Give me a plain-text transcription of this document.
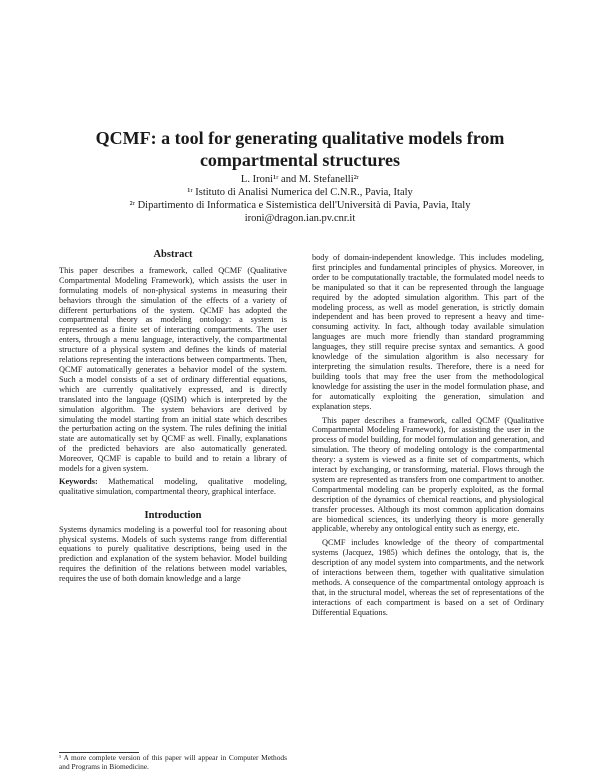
QCMF: a tool for generating qualitative models from
compartmental structures
L. Ironi¹ʳ and M. Stefanelli²ʳ
¹ʳ Istituto di Analisi Numerica del C.N.R., Pavia, Italy
²ʳ Dipartimento di Informatica e Sistemistica dell'Università di Pavia, Pavia, Italy
ironi@dragon.ian.pv.cnr.it
Abstract

This paper describes a framework, called QCMF (Qualitative Compartmental Modeling Framework), which assists the user in formulating models of non-physical systems in measuring their behaviors through the simulation of the effects of a variety of different perturbations of the system. QCMF has adopted the compartmental theory as modeling ontology: a system is represented as a finite set of interacting compartments. The user enters, through a menu language, interactively, the compartmental structure of a physical system and defines the kinds of material relations representing the interactions between compartments. Then, QCMF automatically generates a behavior model of the system. Such a model consists of a set of ordinary differential equations, which are currently qualitatively expressed, and is directly translated into the language (QSIM) which is interpreted by the simulation algorithm. The system behaviors are derived by simulating the model starting from an initial state which describes the perturbation acting on the system. The rules defining the initial state are automatically set by QCMF as well. Finally, explanations of the predicted behaviors are also automatically generated. Moreover, QCMF is capable to build and to retain a library of models for a given system.

Keywords: Mathematical modeling, qualitative modeling, qualitative simulation, compartmental theory, graphical interface.

Introduction

Systems dynamics modeling is a powerful tool for reasoning about physical systems. Models of such systems range from differential equations to purely qualitative descriptions, being used in the prediction and explanation of the system behavior. Model building requires the definition of the relations between model variables, requires the use of both domain knowledge and a large

body of domain-independent knowledge. This includes modeling, first principles and fundamental principles of physics. Moreover, in order to be computationally tractable, the formulated model needs to be manipulated so that it can be represented through the language required by the adopted simulation algorithm. This part of the modeling process, as well as model generation, is strictly domain independent and has been proved to represent a heavy and time-consuming activity. In fact, although today available simulation languages are much more friendly than standard programming languages, they still require precise syntax and semantics. A good knowledge of the simulation algorithm is also necessary for interpreting the simulation results. Therefore, there is a need for building tools that may free the user from the methodological knowledge for assisting the user in the model formulation phase, and for automatically exploiting the generation, simulation and explanation steps.

This paper describes a framework, called QCMF (Qualitative Compartmental Modeling Framework), for assisting the user in the process of model building, for model formulation and generation, and simulation. The theory of modeling ontology is the compartmental theory: a system is viewed as a finite set of compartments, which interact by exchanging, or transforming, material. Flows through the system are represented as transfers from one compartment to another. Compartmental modeling can be properly exploited, as the formal description of the dynamics of chemical reactions, and physiological transfer processes. Although its most common application domains are biomedical sciences, its underlying theory is more generally applicable, whereby any ontological entity such as energy, etc.

QCMF includes knowledge of the theory of compartmental systems (Jacquez, 1985) which defines the ontology, that is, the description of any model system into compartments, and the network of interactions between them, together with qualitative simulation methods. A consequence of the compartmental ontology approach is that, in the structural model, whereas the set of representations of the interactions of each compartment is based on a set of Ordinary Differential Equations.

¹ A more complete version of this paper will appear in Computer Methods and Programs in Biomedicine.
